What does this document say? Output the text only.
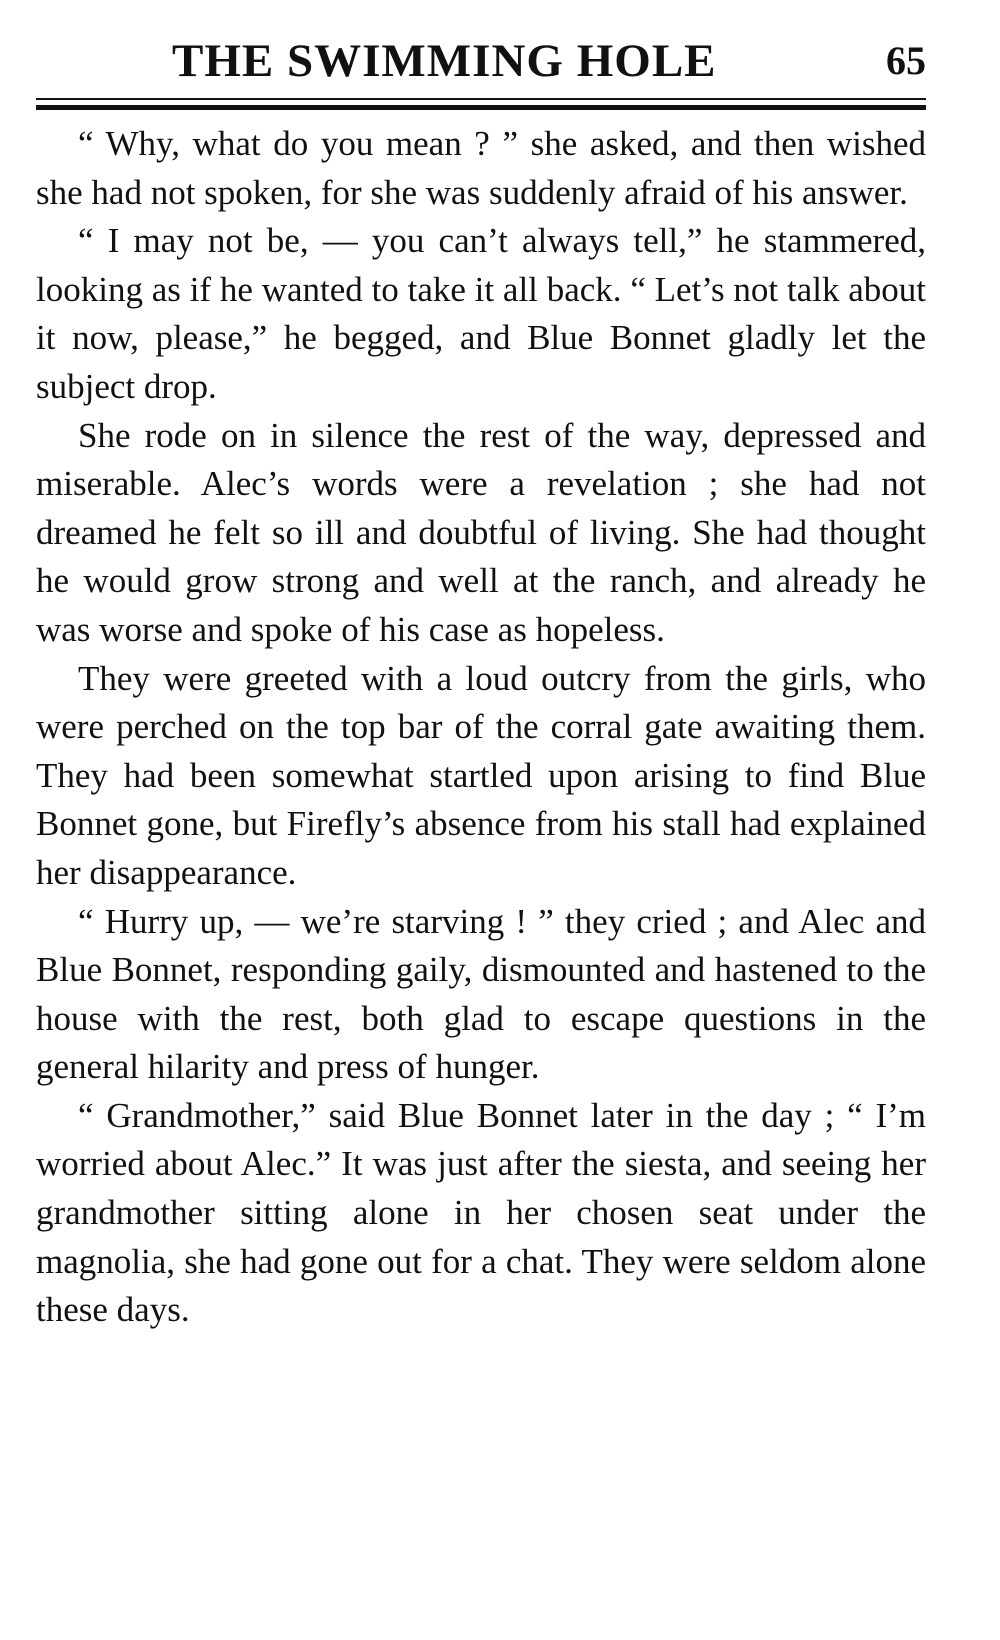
THE SWIMMING HOLE	65

“ Why, what do you mean ? ” she asked, and then wished she had not spoken, for she was suddenly afraid of his answer.

“ I may not be, — you can’t always tell,” he stammered, looking as if he wanted to take it all back. “ Let’s not talk about it now, please,” he begged, and Blue Bonnet gladly let the subject drop.

She rode on in silence the rest of the way, depressed and miserable. Alec’s words were a revelation ; she had not dreamed he felt so ill and doubtful of living. She had thought he would grow strong and well at the ranch, and already he was worse and spoke of his case as hopeless.

They were greeted with a loud outcry from the girls, who were perched on the top bar of the corral gate awaiting them. They had been somewhat startled upon arising to find Blue Bonnet gone, but Firefly’s absence from his stall had explained her disappearance.

“ Hurry up, — we’re starving ! ” they cried ; and Alec and Blue Bonnet, responding gaily, dismounted and hastened to the house with the rest, both glad to escape questions in the general hilarity and press of hunger.

“ Grandmother,” said Blue Bonnet later in the day ; “ I’m worried about Alec.” It was just after the siesta, and seeing her grandmother sitting alone in her chosen seat under the magnolia, she had gone out for a chat. They were seldom alone these days.
